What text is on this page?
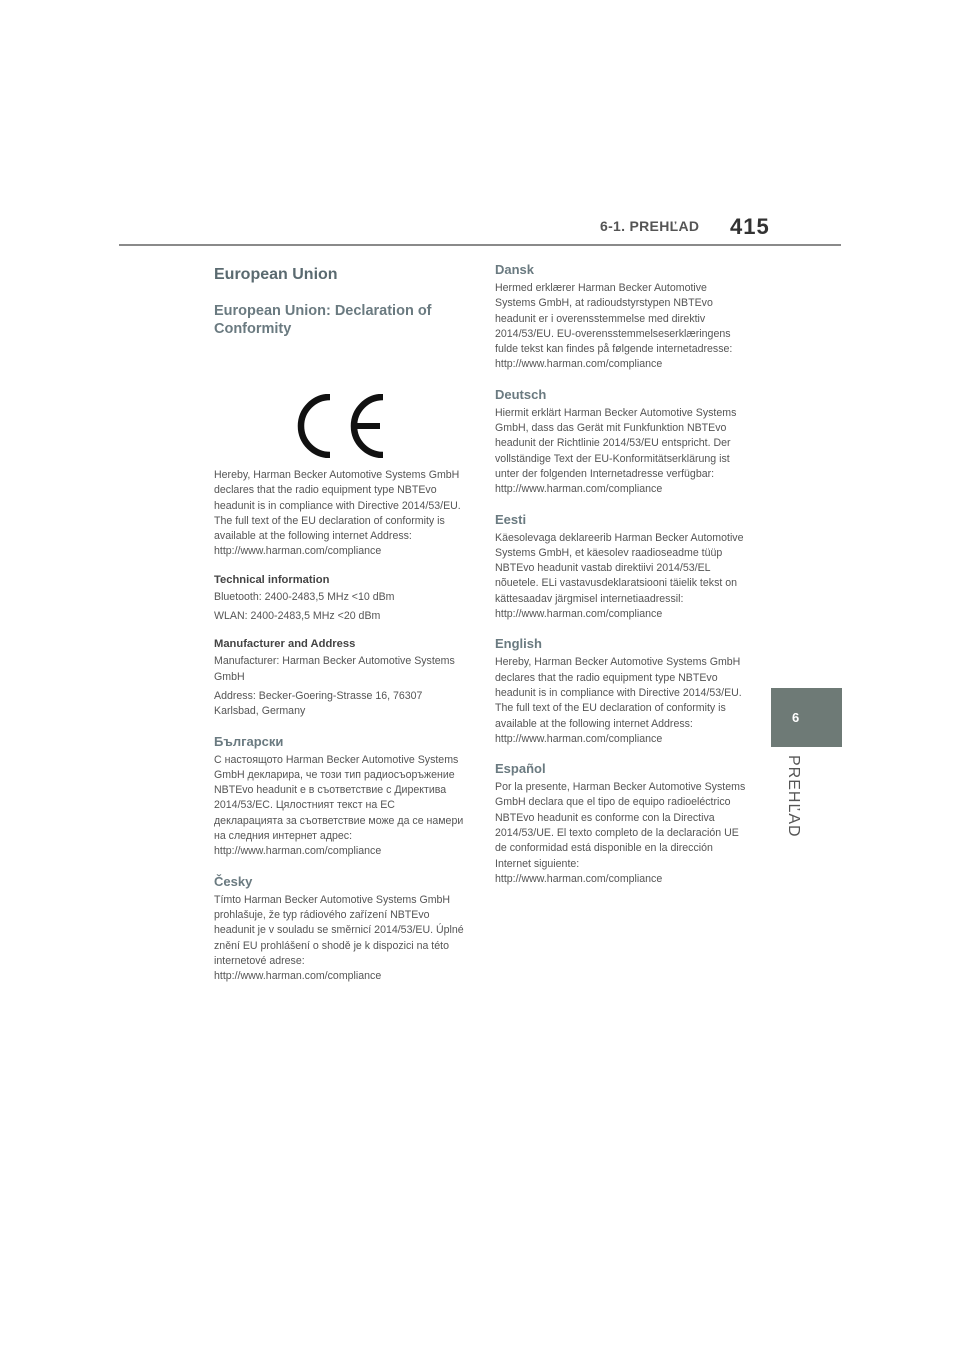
6-1. PREHĽAD 415
6
PREHĽAD
European Union
European Union: Declaration of Conformity

Hereby, Harman Becker Automotive Systems GmbH declares that the radio equipment type NBTEvo headunit is in compliance with Directive 2014/53/EU. The full text of the EU declaration of conformity is available at the following internet Address: http://www.harman.com/compliance

Technical information

Bluetooth: 2400-2483,5 MHz <10 dBm

WLAN: 2400-2483,5 MHz <20 dBm

Manufacturer and Address

Manufacturer: Harman Becker Automotive Systems GmbH

Address: Becker-Goering-Strasse 16, 76307 Karlsbad, Germany

Български

С настоящото Harman Becker Automotive Systems GmbH декларира, че този тип радиосъоръжение NBTEvo headunit е в съответствие с Директива 2014/53/ЕС. Цялостният текст на ЕС декларацията за съответствие може да се намери на следния интернет адрес: http://www.harman.com/compliance

Česky

Tímto Harman Becker Automotive Systems GmbH prohlašuje, že typ rádiového zařízení NBTEvo headunit je v souladu se směrnicí 2014/53/EU. Úplné znění EU prohlášení o shodě je k dispozici na této internetové adrese: http://www.harman.com/compliance

Dansk

Hermed erklærer Harman Becker Automotive Systems GmbH, at radioudstyrstypen NBTEvo headunit er i overensstemmelse med direktiv 2014/53/EU. EU-overensstemmelseserklæringens fulde tekst kan findes på følgende internetadresse: http://www.harman.com/compliance

Deutsch

Hiermit erklärt Harman Becker Automotive Systems GmbH, dass das Gerät mit Funkfunktion NBTEvo headunit der Richtlinie 2014/53/EU entspricht. Der vollständige Text der EU-Konformitätserklärung ist unter der folgenden Internetadresse verfügbar: http://www.harman.com/compliance

Eesti

Käesolevaga deklareerib Harman Becker Automotive Systems GmbH, et käesolev raadioseadme tüüp NBTEvo headunit vastab direktiivi 2014/53/EL nõuetele. ELi vastavusdeklaratsiooni täielik tekst on kättesaadav järgmisel internetiaadressil: http://www.harman.com/compliance

English

Hereby, Harman Becker Automotive Systems GmbH declares that the radio equipment type NBTEvo headunit is in compliance with Directive 2014/53/EU. The full text of the EU declaration of conformity is available at the following internet Address: http://www.harman.com/compliance

Español

Por la presente, Harman Becker Automotive Systems GmbH declara que el tipo de equipo radioeléctrico NBTEvo headunit es conforme con la Directiva 2014/53/UE. El texto completo de la declaración UE de conformidad está disponible en la dirección Internet siguiente: http://www.harman.com/compliance
